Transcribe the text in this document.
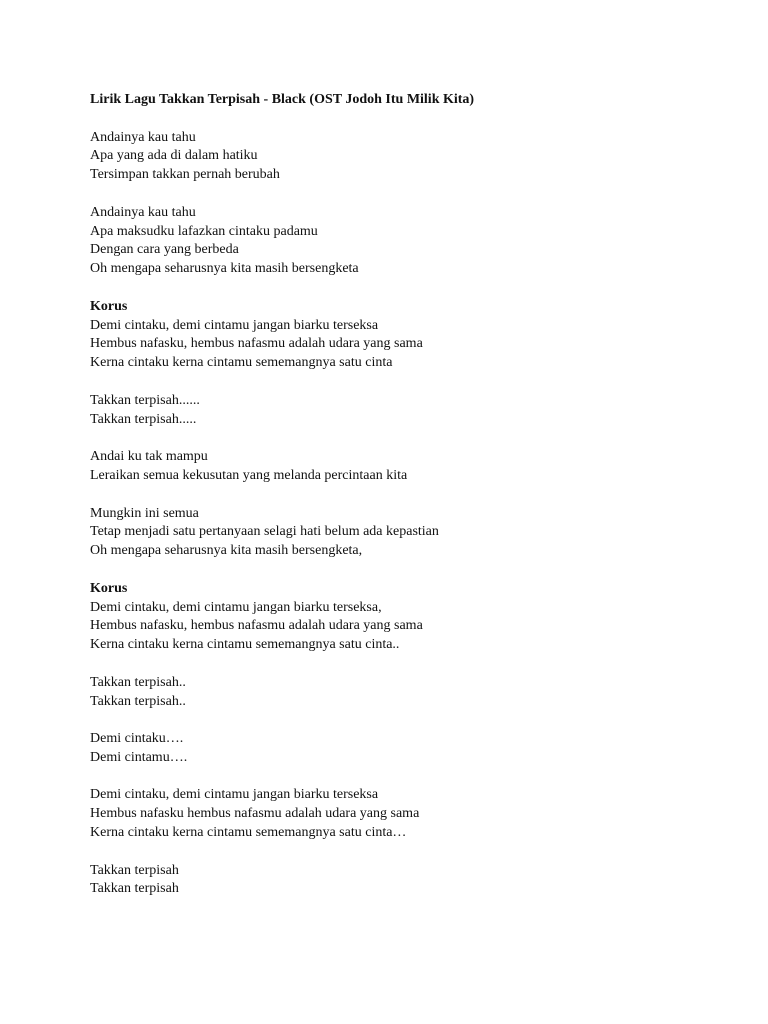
Lirik Lagu Takkan Terpisah - Black (OST Jodoh Itu Milik Kita)
Andainya kau tahu
Apa yang ada di dalam hatiku
Tersimpan takkan pernah berubah
Andainya kau tahu
Apa maksudku lafazkan cintaku padamu
Dengan cara yang berbeda
Oh mengapa seharusnya kita masih bersengketa
Korus
Demi cintaku, demi cintamu jangan biarku terseksa
Hembus nafasku, hembus nafasmu adalah udara yang sama
Kerna cintaku kerna cintamu sememangnya satu cinta
Takkan terpisah......
Takkan terpisah.....
Andai ku tak mampu
Leraikan semua kekusutan yang melanda percintaan kita
Mungkin ini semua
Tetap menjadi satu pertanyaan selagi hati belum ada kepastian
Oh mengapa seharusnya kita masih bersengketa,
Korus
Demi cintaku, demi cintamu jangan biarku terseksa,
Hembus nafasku, hembus nafasmu adalah udara yang sama
Kerna cintaku kerna cintamu sememangnya satu cinta..
Takkan terpisah..
Takkan terpisah..
Demi cintaku….
Demi cintamu….
Demi cintaku, demi cintamu jangan biarku terseksa
Hembus nafasku hembus nafasmu adalah udara yang sama
Kerna cintaku kerna cintamu sememangnya satu cinta…
Takkan terpisah
Takkan terpisah
